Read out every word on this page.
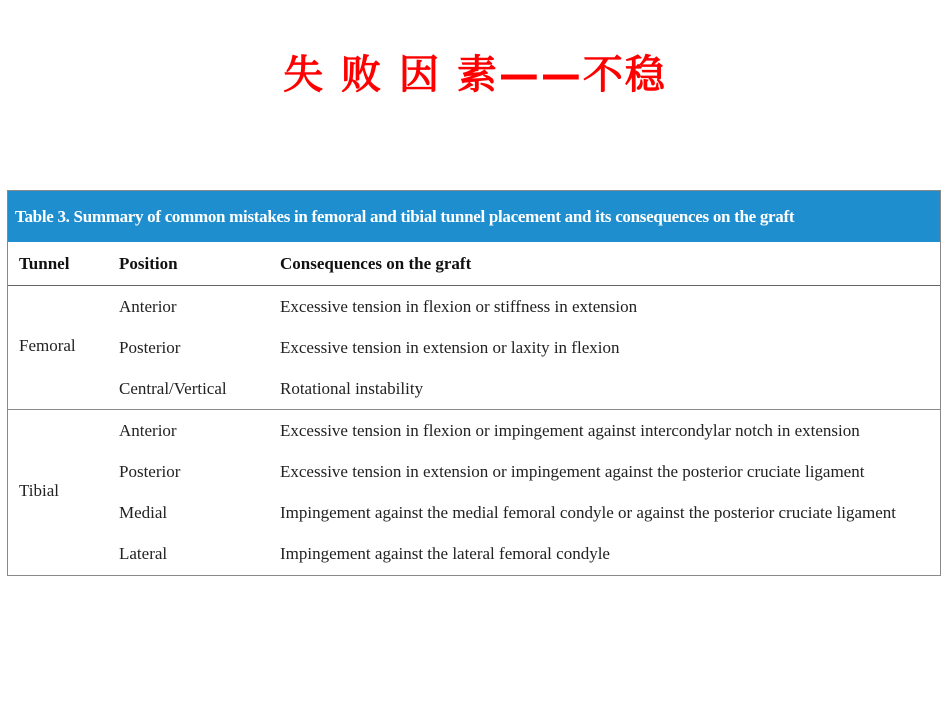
失 败 因 素——不稳
Table 3. Summary of common mistakes in femoral and tibial tunnel placement and its consequences on the graft
Tunnel	Position	Consequences on the graft
Femoral
Anterior	Excessive tension in flexion or stiffness in extension
Posterior	Excessive tension in extension or laxity in flexion
Central/Vertical	Rotational instability
Tibial
Anterior	Excessive tension in flexion or impingement against intercondylar notch in extension
Posterior	Excessive tension in extension or impingement against the posterior cruciate ligament
Medial	Impingement against the medial femoral condyle or against the posterior cruciate ligament
Lateral	Impingement against the lateral femoral condyle
